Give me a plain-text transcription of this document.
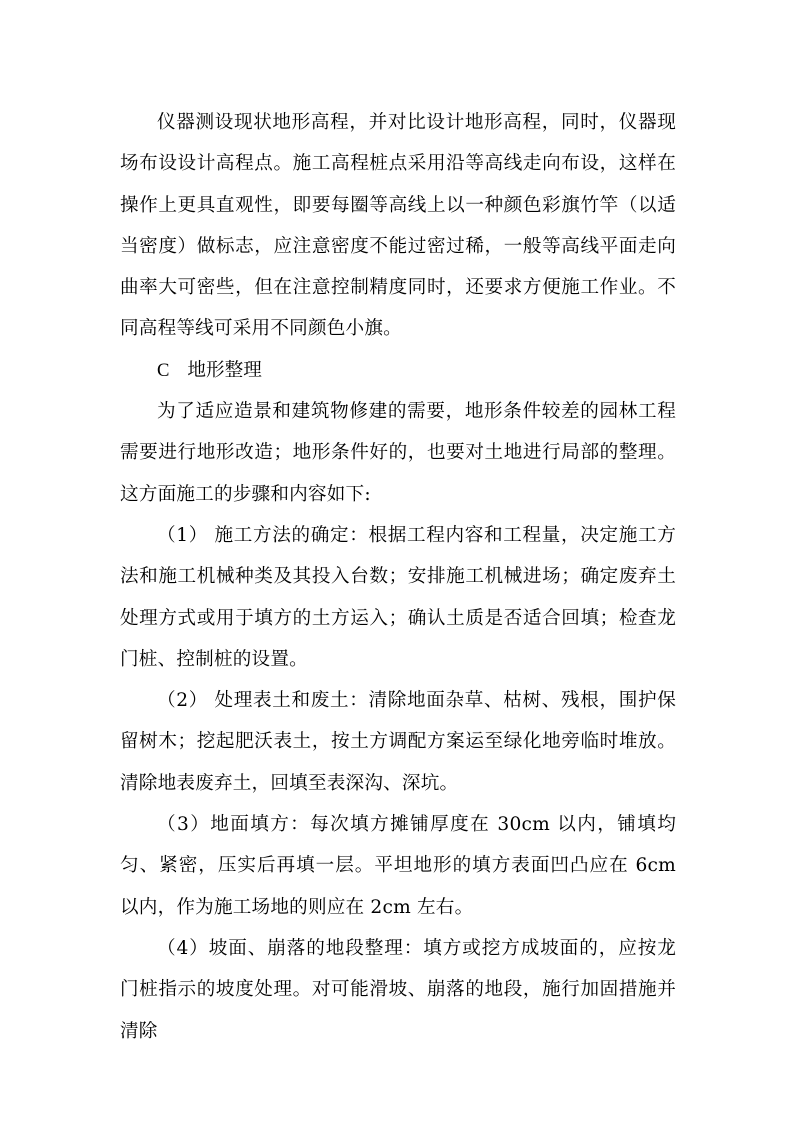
仪器测设现状地形高程，并对比设计地形高程，同时，仪器现场布设设计高程点。施工高程桩点采用沿等高线走向布设，这样在操作上更具直观性，即要每圈等高线上以一种颜色彩旗竹竿（以适当密度）做标志，应注意密度不能过密过稀，一般等高线平面走向曲率大可密些，但在注意控制精度同时，还要求方便施工作业。不同高程等线可采用不同颜色小旗。

C 地形整理

为了适应造景和建筑物修建的需要，地形条件较差的园林工程需要进行地形改造；地形条件好的，也要对土地进行局部的整理。这方面施工的步骤和内容如下:

（1） 施工方法的确定：根据工程内容和工程量，决定施工方法和施工机械种类及其投入台数；安排施工机械进场；确定废弃土处理方式或用于填方的土方运入；确认土质是否适合回填；检查龙门桩、控制桩的设置。

（2） 处理表土和废土：清除地面杂草、枯树、残根，围护保留树木；挖起肥沃表土，按土方调配方案运至绿化地旁临时堆放。清除地表废弃土，回填至表深沟、深坑。

（3）地面填方：每次填方摊铺厚度在 30cm 以内，铺填均匀、紧密，压实后再填一层。平坦地形的填方表面凹凸应在 6cm 以内，作为施工场地的则应在 2cm 左右。

（4）坡面、崩落的地段整理：填方或挖方成坡面的，应按龙门桩指示的坡度处理。对可能滑坡、崩落的地段，施行加固措施并清除
